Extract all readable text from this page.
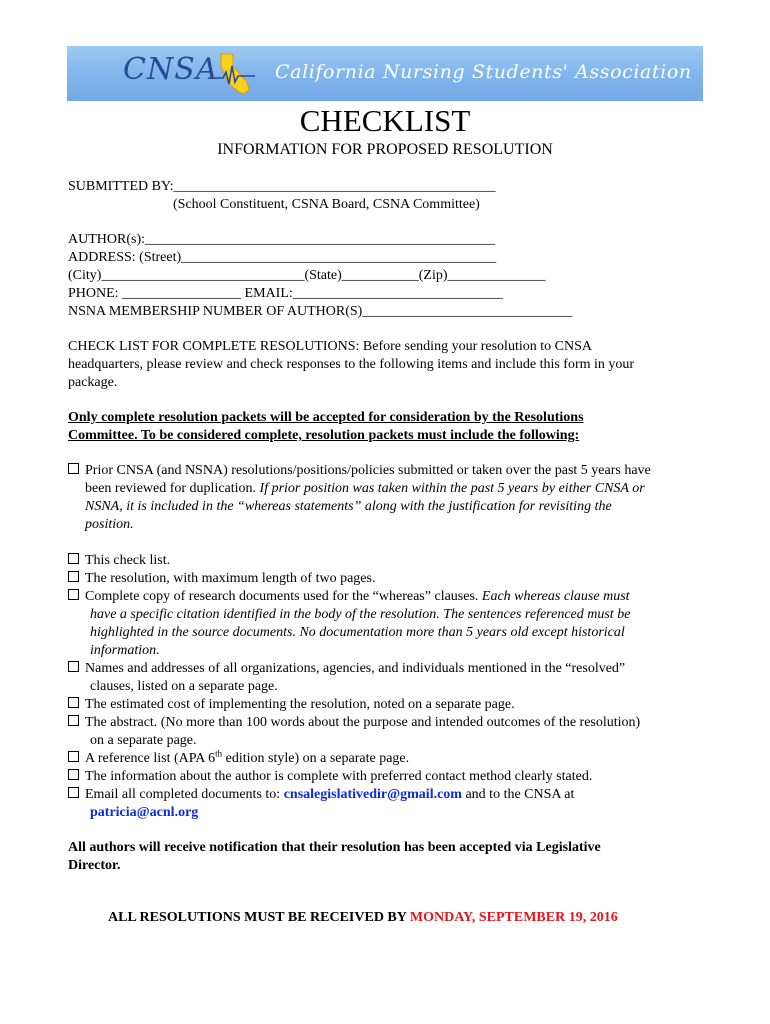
CNSA	California Nursing Students' Association
CHECKLIST
INFORMATION FOR PROPOSED RESOLUTION
SUBMITTED BY:______________________________________________
(School Constituent, CSNA Board, CSNA Committee)
AUTHOR(s):__________________________________________________
ADDRESS: (Street)_____________________________________________
(City)_____________________________(State)___________(Zip)______________
PHONE: _________________ EMAIL:______________________________
NSNA MEMBERSHIP NUMBER OF AUTHOR(S)______________________________
CHECK LIST FOR COMPLETE RESOLUTIONS: Before sending your resolution to CNSA
headquarters, please review and check responses to the following items and include this form in your
package.
Only complete resolution packets will be accepted for consideration by the Resolutions
Committee. To be considered complete, resolution packets must include the following:
Prior CNSA (and NSNA) resolutions/positions/policies submitted or taken over the past 5 years have
been reviewed for duplication. If prior position was taken within the past 5 years by either CNSA or
NSNA, it is included in the “whereas statements” along with the justification for revisiting the
position.
This check list.
The resolution, with maximum length of two pages.
Complete copy of research documents used for the “whereas” clauses. Each whereas clause must
have a specific citation identified in the body of the resolution. The sentences referenced must be
highlighted in the source documents. No documentation more than 5 years old except historical
information.
Names and addresses of all organizations, agencies, and individuals mentioned in the “resolved”
clauses, listed on a separate page.
The estimated cost of implementing the resolution, noted on a separate page.
The abstract. (No more than 100 words about the purpose and intended outcomes of the resolution)
on a separate page.
A reference list (APA 6th edition style) on a separate page.
The information about the author is complete with preferred contact method clearly stated.
Email all completed documents to: cnsalegislativedir@gmail.com and to the CNSA at
patricia@acnl.org
All authors will receive notification that their resolution has been accepted via Legislative
Director.
ALL RESOLUTIONS MUST BE RECEIVED BY MONDAY, SEPTEMBER 19, 2016
